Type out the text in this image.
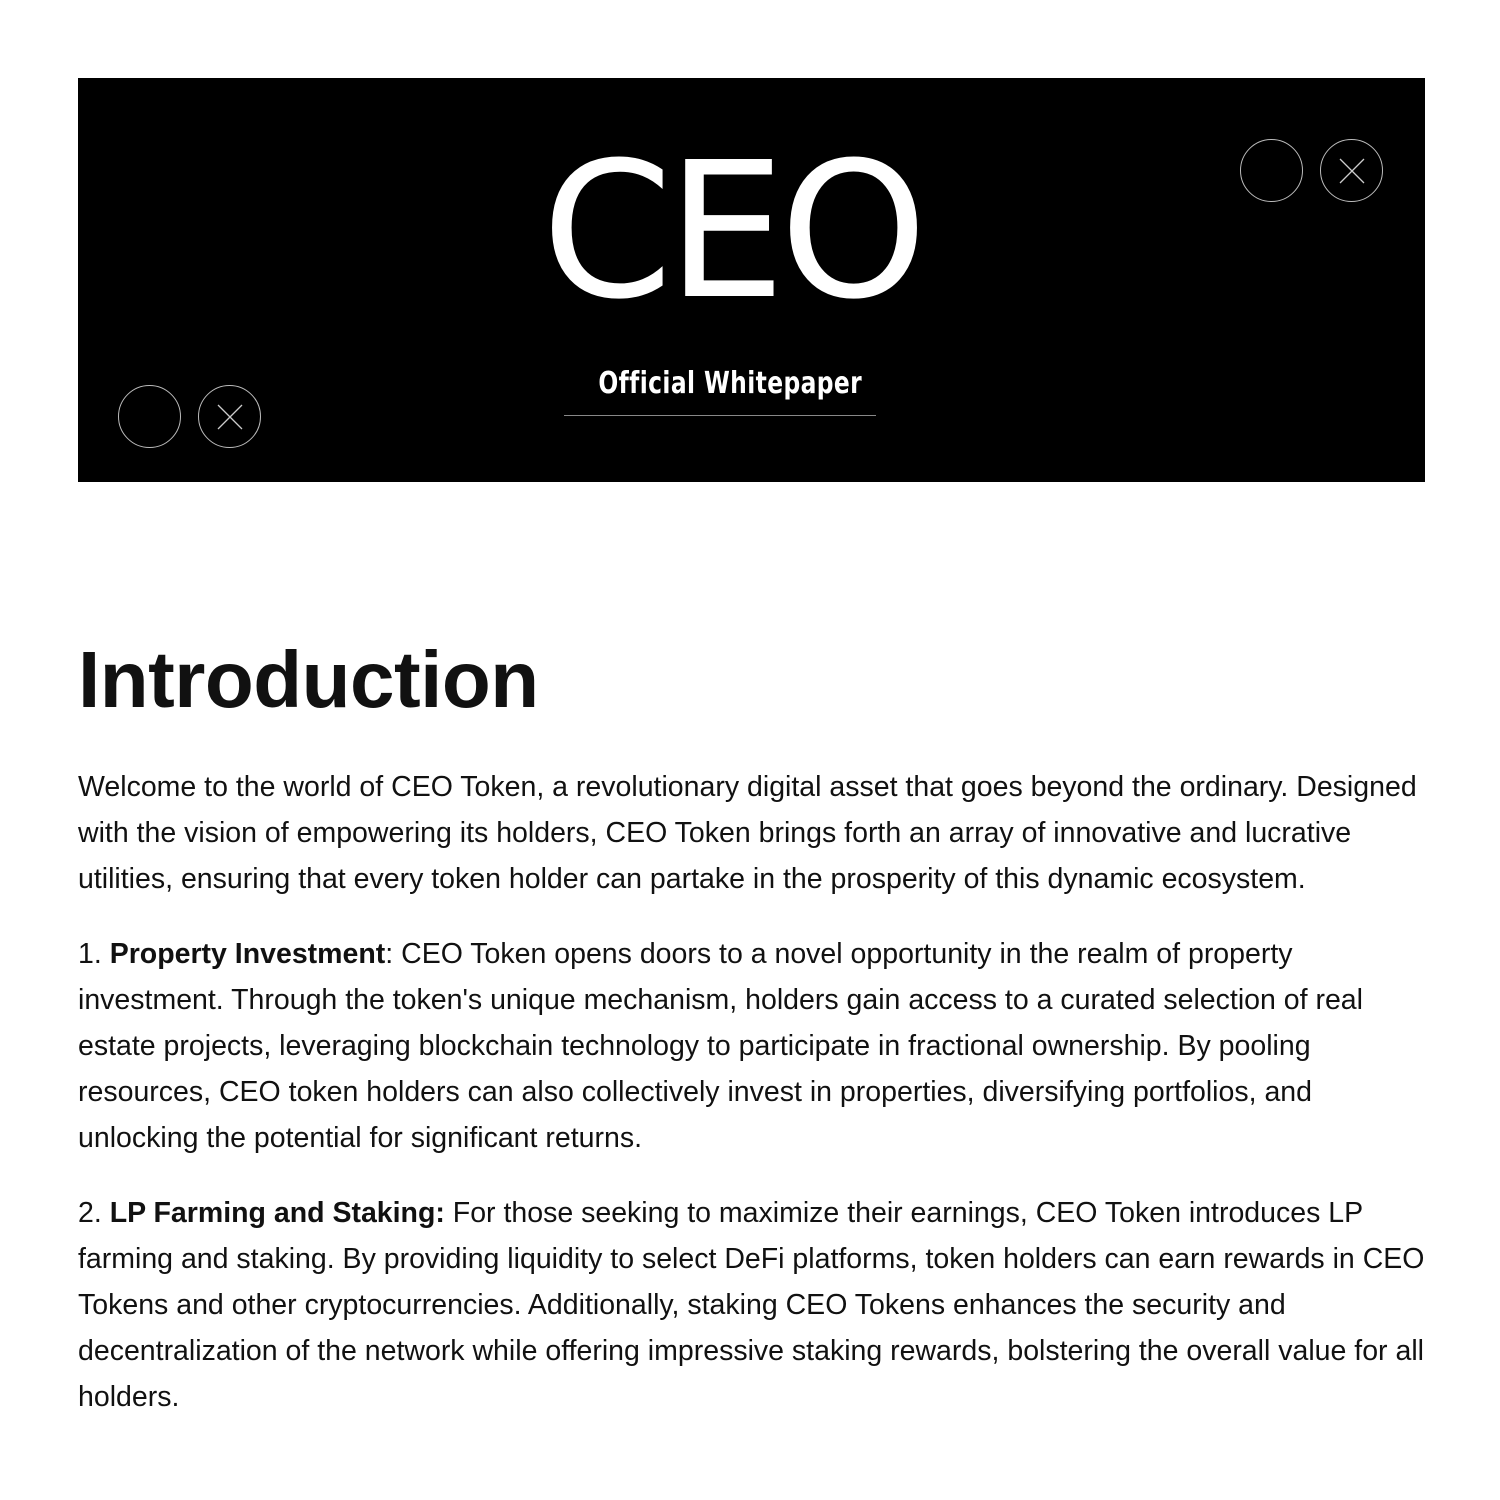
CEO
Official Whitepaper
Introduction

Welcome to the world of CEO Token, a revolutionary digital asset that goes beyond the ordinary. Designed with the vision of empowering its holders, CEO Token brings forth an array of innovative and lucrative utilities, ensuring that every token holder can partake in the prosperity of this dynamic ecosystem.

1. Property Investment: CEO Token opens doors to a novel opportunity in the realm of property investment. Through the token's unique mechanism, holders gain access to a curated selection of real estate projects, leveraging blockchain technology to participate in fractional ownership. By pooling resources, CEO token holders can also collectively invest in properties, diversifying portfolios, and unlocking the potential for significant returns.

2. LP Farming and Staking: For those seeking to maximize their earnings, CEO Token introduces LP farming and staking. By providing liquidity to select DeFi platforms, token holders can earn rewards in CEO Tokens and other cryptocurrencies. Additionally, staking CEO Tokens enhances the security and decentralization of the network while offering impressive staking rewards, bolstering the overall value for all holders.
